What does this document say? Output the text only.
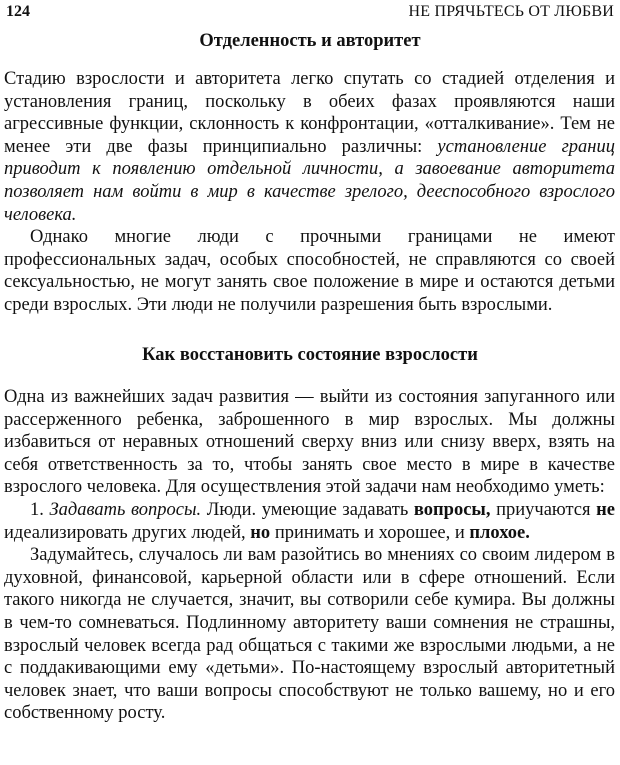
124	НЕ ПРЯЧЬТЕСЬ ОТ ЛЮБВИ
Отделенность и авторитет

Стадию взрослости и авторитета легко спутать со стадией отделения и установления границ, поскольку в обеих фазах проявляются наши агрессивные функции, склонность к конфронтации, «отталкивание». Тем не менее эти две фазы принципиально различны: установление границ приводит к появлению отдельной личности, а завоевание авторитета позволяет нам войти в мир в качестве зрелого, дееспособного взрослого человека.

Однако многие люди с прочными границами не имеют профессиональных задач, особых способностей, не справляются со своей сексуальностью, не могут занять свое положение в мире и остаются детьми среди взрослых. Эти люди не получили разрешения быть взрослыми.

Как восстановить состояние взрослости

Одна из важнейших задач развития — выйти из состояния запуганного или рассерженного ребенка, заброшенного в мир взрослых. Мы должны избавиться от неравных отношений сверху вниз или снизу вверх, взять на себя ответственность за то, чтобы занять свое место в мире в качестве взрослого человека. Для осуществления этой задачи нам необходимо уметь:

1. Задавать вопросы. Люди. умеющие задавать вопросы, приучаются не идеализировать других людей, но принимать и хорошее, и плохое.

Задумайтесь, случалось ли вам разойтись во мнениях со своим лидером в духовной, финансовой, карьерной области или в сфере отношений. Если такого никогда не случается, значит, вы сотворили себе кумира. Вы должны в чем-то сомневаться. Подлинному авторитету ваши сомнения не страшны, взрослый человек всегда рад общаться с такими же взрослыми людьми, а не с поддакивающими ему «детьми». По-настоящему взрослый авторитетный человек знает, что ваши вопросы способствуют не только вашему, но и его собственному росту.
